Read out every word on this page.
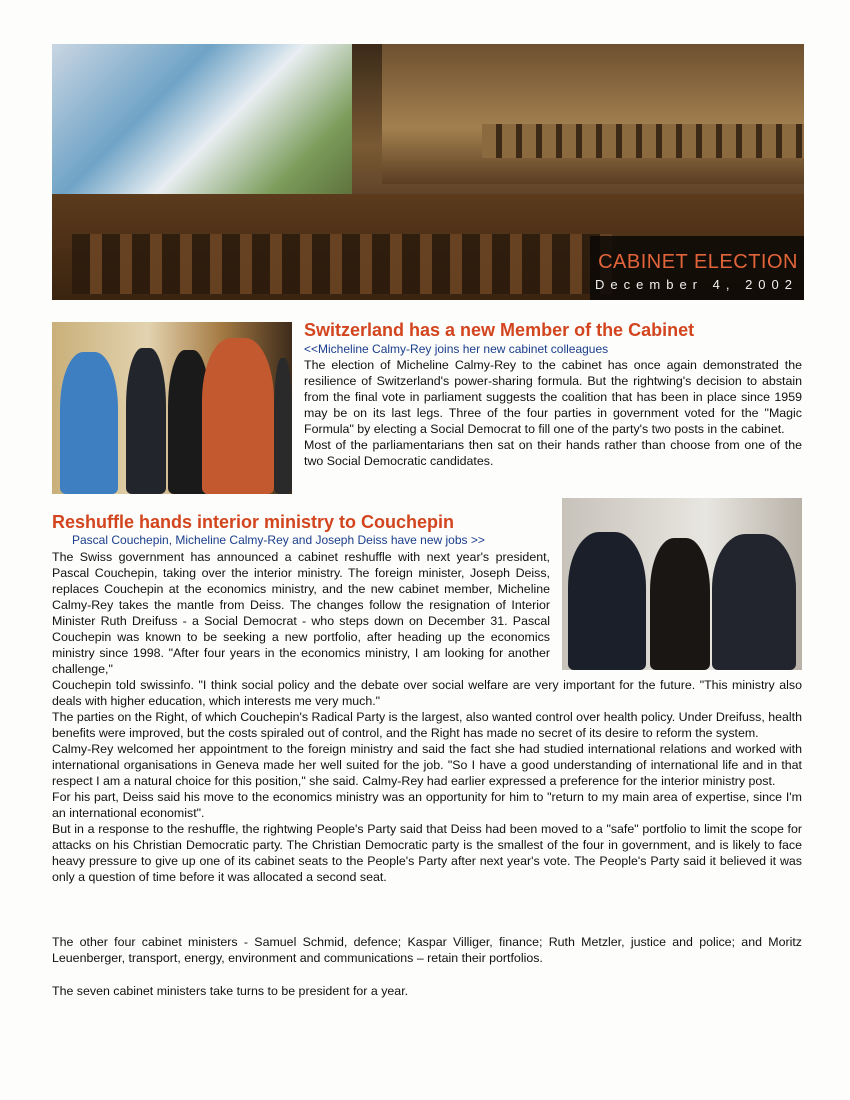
CABINET ELECTION
December 4, 2002
Switzerland has a new Member of the Cabinet

<<Micheline Calmy-Rey joins her new cabinet colleagues

The election of Micheline Calmy-Rey to the cabinet has once again demonstrated the resilience of Switzerland's power-sharing formula. But the rightwing's decision to abstain from the final vote in parliament suggests the coalition that has been in place since 1959 may be on its last legs. Three of the four parties in government voted for the "Magic Formula" by electing a Social Democrat to fill one of the party's two posts in the cabinet.

Most of the parliamentarians then sat on their hands rather than choose from one of the two Social Democratic candidates.

Reshuffle hands interior ministry to Couchepin

Pascal Couchepin, Micheline Calmy-Rey and Joseph Deiss have new jobs >>

The Swiss government has announced a cabinet reshuffle with next year's president, Pascal Couchepin, taking over the interior ministry. The foreign minister, Joseph Deiss, replaces Couchepin at the economics ministry, and the new cabinet member, Micheline Calmy-Rey takes the mantle from Deiss. The changes follow the resignation of Interior Minister Ruth Dreifuss - a Social Democrat - who steps down on December 31. Pascal Couchepin was known to be seeking a new portfolio, after heading up the economics ministry since 1998. "After four years in the economics ministry, I am looking for another challenge,"

Couchepin told swissinfo. "I think social policy and the debate over social welfare are very important for the future. "This ministry also deals with higher education, which interests me very much."

The parties on the Right, of which Couchepin's Radical Party is the largest, also wanted control over health policy. Under Dreifuss, health benefits were improved, but the costs spiraled out of control, and the Right has made no secret of its desire to reform the system.

Calmy-Rey welcomed her appointment to the foreign ministry and said the fact she had studied international relations and worked with international organisations in Geneva made her well suited for the job. "So I have a good understanding of international life and in that respect I am a natural choice for this position," she said. Calmy-Rey had earlier expressed a preference for the interior ministry post.

For his part, Deiss said his move to the economics ministry was an opportunity for him to "return to my main area of expertise, since I'm an international economist".

But in a response to the reshuffle, the rightwing People's Party said that Deiss had been moved to a "safe" portfolio to limit the scope for attacks on his Christian Democratic party. The Christian Democratic party is the smallest of the four in government, and is likely to face heavy pressure to give up one of its cabinet seats to the People's Party after next year's vote. The People's Party said it believed it was only a question of time before it was allocated a second seat.

The other four cabinet ministers - Samuel Schmid, defence; Kaspar Villiger, finance; Ruth Metzler, justice and police; and Moritz Leuenberger, transport, energy, environment and communications – retain their portfolios.
The seven cabinet ministers take turns to be president for a year.
